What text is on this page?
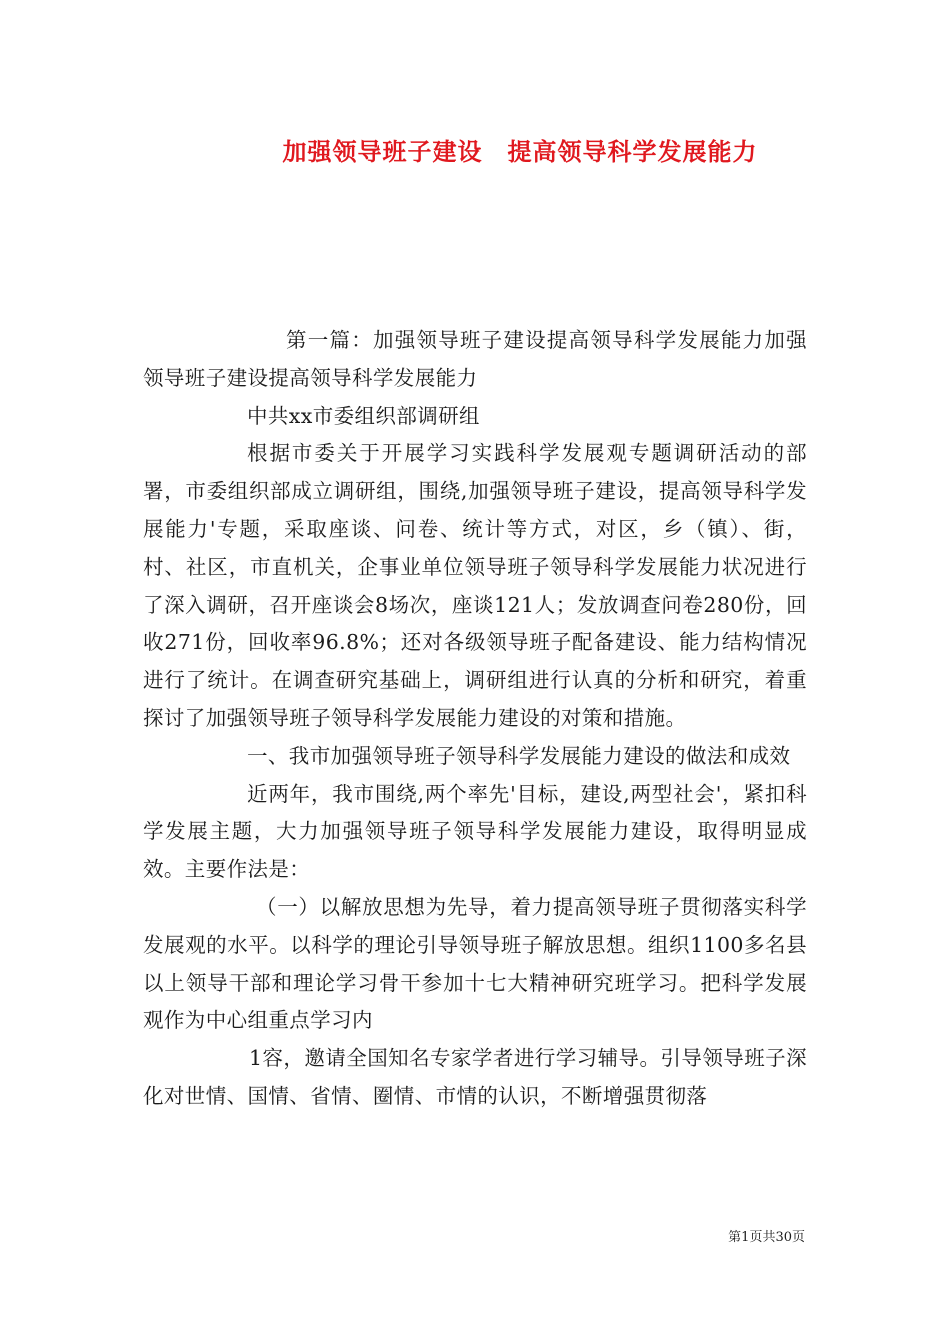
加强领导班子建设　提高领导科学发展能力

第一篇：加强领导班子建设提高领导科学发展能力加强领导班子建设提高领导科学发展能力

中共xx市委组织部调研组

根据市委关于开展学习实践科学发展观专题调研活动的部署，市委组织部成立调研组，围绕,加强领导班子建设，提高领导科学发展能力'专题，采取座谈、问卷、统计等方式，对区，乡（镇）、街，村、社区，市直机关，企事业单位领导班子领导科学发展能力状况进行了深入调研，召开座谈会8场次，座谈121人；发放调查问卷280份，回收271份，回收率96.8%；还对各级领导班子配备建设、能力结构情况进行了统计。在调查研究基础上，调研组进行认真的分析和研究，着重探讨了加强领导班子领导科学发展能力建设的对策和措施。

一、我市加强领导班子领导科学发展能力建设的做法和成效

近两年，我市围绕,两个率先'目标，建设,两型社会'，紧扣科学发展主题，大力加强领导班子领导科学发展能力建设，取得明显成效。主要作法是：

（一）以解放思想为先导，着力提高领导班子贯彻落实科学发展观的水平。以科学的理论引导领导班子解放思想。组织1100多名县以上领导干部和理论学习骨干参加十七大精神研究班学习。把科学发展观作为中心组重点学习内

1容，邀请全国知名专家学者进行学习辅导。引导领导班子深化对世情、国情、省情、圈情、市情的认识，不断增强贯彻落

第1页共30页
